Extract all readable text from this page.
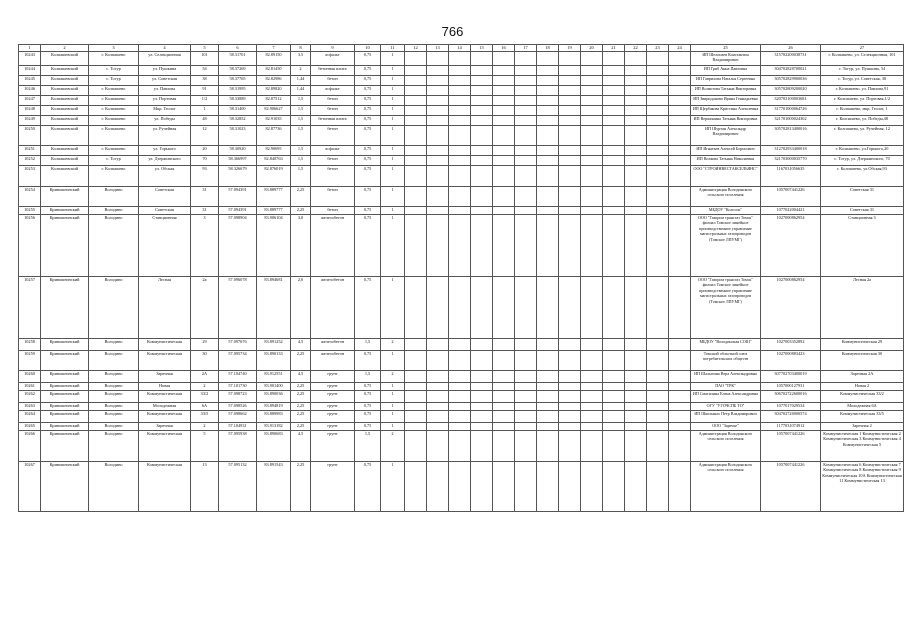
766
1	2	3	4	5	6	7	8	9	10	11	12	13	14	15	16	17	18	19	20	21	22	23	24	25	26	27
10243	Колпашевский	г. Колпашево	ул. Селекционная	101	58.31701	82.89150	3,5	асфальт	0,75	1														ИП Шелопаев Константин Владимирович	315702200038731	г. Колпашево, ул. Селекционная, 101
10244	Колпашевский	с. Тогур	ул. Пушкина	54	58.37269	82.81450	2	бетонная плита	0,75	1														ИП Гриб Анна Павловна	304702828700021	с. Тогур, ул. Пушкина, 54
10245	Колпашевский	с. Тогур	ул. Советская	38	58.37765	82.82986	1,44	бетон	0,75	1														ИП Гаврилова Наталья Сергеевна	305702829900036	с. Тогур, ул. Советская, 38
10246	Колпашевский	г. Колпашево	ул. Павлова	91	58.31995	82.89820	1,44	асфальт	0,75	1														ИП Волкотова Татьяна Викторовна	305702809200020	г. Колпашево, ул. Павлова,91
10247	Колпашевский	г. Колпашево	ул. Портовая	1/2	58.33889	82.87512	1,5	бетон	0,75	1														ИП Звиридонова Ирина Геннадьевна	320703100003681	г. Колпашево, ул. Портовая,1/2
10248	Колпашевский	г. Колпашево	Мкр. Геолог	1	58.31400	82.906627	1,5	бетон	0,75	1														ИП Щербакова Кристина Алексеевна	317701000064726	г. Колпашево, мкр. Геолог, 1
10249	Колпашевский	г. Колпашево	ул. Победы	48	58.32852	82.91035	1,5	бетонная плита	0,75	1														ИП Вершинина Татьяна Викторовна	321701000024302	г. Колпашево, ул. Победы,48
10250	Колпашевский	г. Колпашево	ул. Ручейная	12	58.31023	82.87736	1,5	бетон	0,75	1														ИП Шуртан Александр Владимирович	305702813400016	г. Колпашево, ул. Ручейная, 12
10251	Колпашевский	г. Колпашево	ул. Горького	20	58.30920	82.90695	1,5	асфальт	0,75	1														ИП Игнатьев Алексей Борисович	312702933400018	г. Колпашево, ул.Горького,20
10252	Колпашевский	с. Тогур	ул. Дзержинского	70	58.366997	82.840763	1,5	бетон	0,75	1														ИП Волкова Татьяна Николаевна	321703000035770	с. Тогур, ул. Дзержинского, 70
10253	Колпашевский	г. Колпашево	ул. Обская	93	58.326679	82.876019	1,5	бетон	0,75	1														ООО "СТРОИНВЕСТАКСЕЛЬЯНС"	1167031056635	г. Колпашево, ул.Обская,93
10254	Кривошеинский	Володино	Советская	31	57.094391	83.889777	2,25	бетон	0,75	1														Администрация Володинского сельского поселения	1057007441226	Советская 31
10255	Кривошеинский	Володино	Советская	31	57.094391	83.889777	2,25	бетон	0,75	1														МБДОУ "Колосок"	1077022004421	Советская 31
10256	Кривошеинский	Володино	Станционная	3	57.098904	83.906104	3,0	железобетон	0,75	1														ООО "Газпром трансгаз Томск" филиал Томское линейное производственное управление магистральных газопроводов (Томское ЛПУМГ)	1027000862954	Станционная 3
10257	Кривошеинский	Володино	Лесная	2а	57.096078	83.894681	2,0	железобетон	0,75	1														ООО "Газпром трансгаз Томск" филиал Томское линейное производственное управление магистральных газопроводов (Томское ЛПУМГ)	1027000862954	Лесная 2а
10258	Кривошеинский	Володино	Коммунистическая	29	57.097676	83.891252	4,5	железобетон	1,5	2														МБДОУ "Володинская СОШ"	1027003352892	Коммунистическая 29
10259	Кривошеинский	Володино	Коммунистическая	30	57.095734	83.890133	2,25	железобетон	0,75	1														Томский областной союз потребительских обществ	1027000883423	Коммунистическая 30
10260	Кривошеинский	Володино	Заречная	2А	57.104740	83.912551	4,5	грунт	1,5	2														ИП Шалыгина Вера Александровна	307702703400019	Заречная 2А
10261	Кривошеинский	Володино	Новая	2	57.101730	83.901400	2,25	грунт	0,75	1														ПАО "ТРК"	1057000127931	Новая 2
10262	Кривошеинский	Володино	Коммунистическая	33/2	57.098723	83.890036	2,25	грунт	0,75	1														ИП Смагилина Елена Александровна	306702722600016	Коммунистическая 33/2
10263	Кривошеинский	Володино	Молодежная	6А	57.098526	83.894819	2,25	грунт	0,75	1														ОГУ "УГОЧСПБ ТО"	1077017029534	Молодежная 6А
10264	Кривошеинский	Володино	Коммунистическая	33/5	57.098662	83.889983	2,25	грунт	0,75	1														ИП Школьных Петр Владимирович	304702726900574	Коммунистическая 33/5
10265	Кривошеинский	Володино	Заречная	2	57.104931	83.913182	2,25	грунт	0,75	1														ООО "Заречье"	1177031074912	Заречная 2
10266	Кривошеинский	Володино	Коммунистическая	5	57.095938	83.890683	4,5	грунт	1,5	2														Администрация Володинского сельского поселения	1057007441226	Коммунистическая 1 Коммунистическая 2 Коммунистическая 3 Коммунистическая 4 Коммунистическая 5
10267	Кривошеинский	Володино	Коммунистическая	13	57.095132	83.891543	2,25	грунт	0,75	1														Администрация Володинского сельского поселения	1057007441226	Коммунистическая 6 Коммунистическая 7 Коммунистическая 8 Коммунистическая 9 Коммунистическая 10А Коммунистическая 11 Коммунистическая 13
